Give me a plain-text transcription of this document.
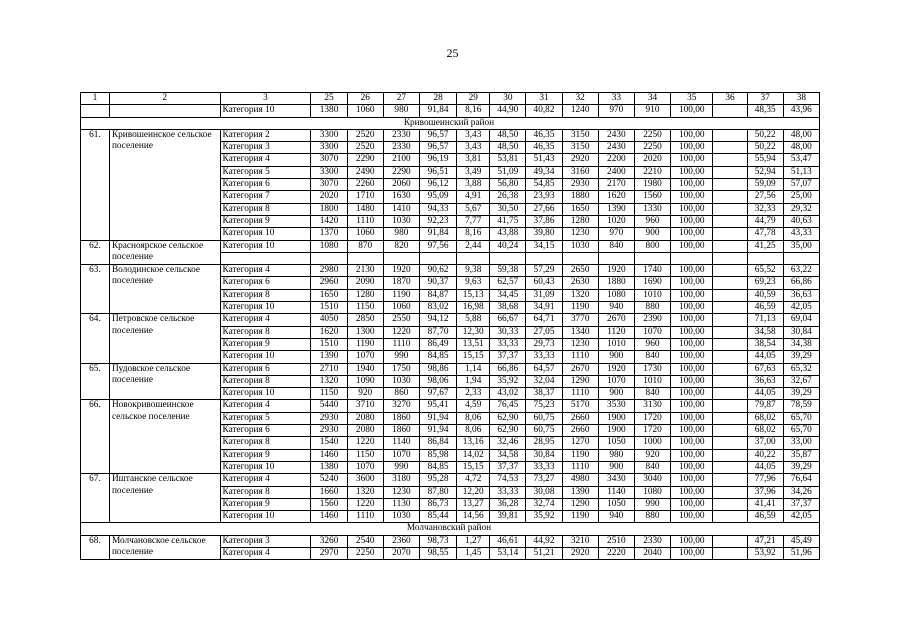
25
1	2	3	25	26	27	28	29	30	31	32	33	34	35	36	37	38
		Категория 10	1380	1060	980	91,84	8,16	44,90	40,82	1240	970	910	100,00		48,35	43,96
Кривошеинский район																
61.	Кривошеинское сельское поселение	Категория 2	3300	2520	2330	96,57	3,43	48,50	46,35	3150	2430	2250	100,00		50,22	48,00
		Категория 3	3300	2520	2330	96,57	3,43	48,50	46,35	3150	2430	2250	100,00		50,22	48,00
		Категория 4	3070	2290	2100	96,19	3,81	53,81	51,43	2920	2200	2020	100,00		55,94	53,47
		Категория 5	3300	2490	2290	96,51	3,49	51,09	49,34	3160	2400	2210	100,00		52,94	51,13
		Категория 6	3070	2260	2060	96,12	3,88	56,80	54,85	2930	2170	1980	100,00		59,09	57,07
		Категория 7	2020	1710	1630	95,09	4,91	26,38	23,93	1880	1620	1560	100,00		27,56	25,00
		Категория 8	1800	1480	1410	94,33	5,67	30,50	27,66	1650	1390	1330	100,00		32,33	29,32
		Категория 9	1420	1110	1030	92,23	7,77	41,75	37,86	1280	1020	960	100,00		44,79	40,63
		Категория 10	1370	1060	980	91,84	8,16	43,88	39,80	1230	970	900	100,00		47,78	43,33
62.	Красноярское сельское поселение	Категория 10	1080	870	820	97,56	2,44	40,24	34,15	1030	840	800	100,00		41,25	35,00

63.	Володинское сельское поселение	Категория 4	2980	2130	1920	90,62	9,38	59,38	57,29	2650	1920	1740	100,00		65,52	63,22
		Категория 6	2960	2090	1870	90,37	9,63	62,57	60,43	2630	1880	1690	100,00		69,23	66,86
		Категория 8	1650	1280	1190	84,87	15,13	34,45	31,09	1320	1080	1010	100,00		40,59	36,63
		Категория 10	1510	1150	1060	83,02	16,98	38,68	34,91	1190	940	880	100,00		46,59	42,05
64.	Петровское сельское поселение	Категория 4	4050	2850	2550	94,12	5,88	66,67	64,71	3770	2670	2390	100,00		71,13	69,04
		Категория 8	1620	1300	1220	87,70	12,30	30,33	27,05	1340	1120	1070	100,00		34,58	30,84
		Категория 9	1510	1190	1110	86,49	13,51	33,33	29,73	1230	1010	960	100,00		38,54	34,38
		Категория 10	1390	1070	990	84,85	15,15	37,37	33,33	1110	900	840	100,00		44,05	39,29
65.	Пудовское сельское поселение	Категория 6	2710	1940	1750	98,86	1,14	66,86	64,57	2670	1920	1730	100,00		67,63	65,32
		Категория 8	1320	1090	1030	98,06	1,94	35,92	32,04	1290	1070	1010	100,00		36,63	32,67
		Категория 10	1150	920	860	97,67	2,33	43,02	38,37	1110	900	840	100,00		44,05	39,29
66.	Новокривошеинское сельское поселение	Категория 4	5440	3710	3270	95,41	4,59	76,45	75,23	5170	3530	3130	100,00		79,87	78,59
		Категория 5	2930	2080	1860	91,94	8,06	62,90	60,75	2660	1900	1720	100,00		68,02	65,70
		Категория 6	2930	2080	1860	91,94	8,06	62,90	60,75	2660	1900	1720	100,00		68,02	65,70
		Категория 8	1540	1220	1140	86,84	13,16	32,46	28,95	1270	1050	1000	100,00		37,00	33,00
		Категория 9	1460	1150	1070	85,98	14,02	34,58	30,84	1190	980	920	100,00		40,22	35,87
		Категория 10	1380	1070	990	84,85	15,15	37,37	33,33	1110	900	840	100,00		44,05	39,29
67.	Иштанское сельское поселение	Категория 4	5240	3600	3180	95,28	4,72	74,53	73,27	4980	3430	3040	100,00		77,96	76,64
		Категория 8	1660	1320	1230	87,80	12,20	33,33	30,08	1390	1140	1080	100,00		37,96	34,26
		Категория 9	1560	1220	1130	86,73	13,27	36,28	32,74	1290	1050	990	100,00		41,41	37,37
		Категория 10	1460	1110	1030	85,44	14,56	39,81	35,92	1190	940	880	100,00		46,59	42,05
Молчановский район																
68.	Молчановское сельское поселение	Категория 3	3260	2540	2360	98,73	1,27	46,61	44,92	3210	2510	2330	100,00		47,21	45,49
		Категория 4	2970	2250	2070	98,55	1,45	53,14	51,21	2920	2220	2040	100,00		53,92	51,96
